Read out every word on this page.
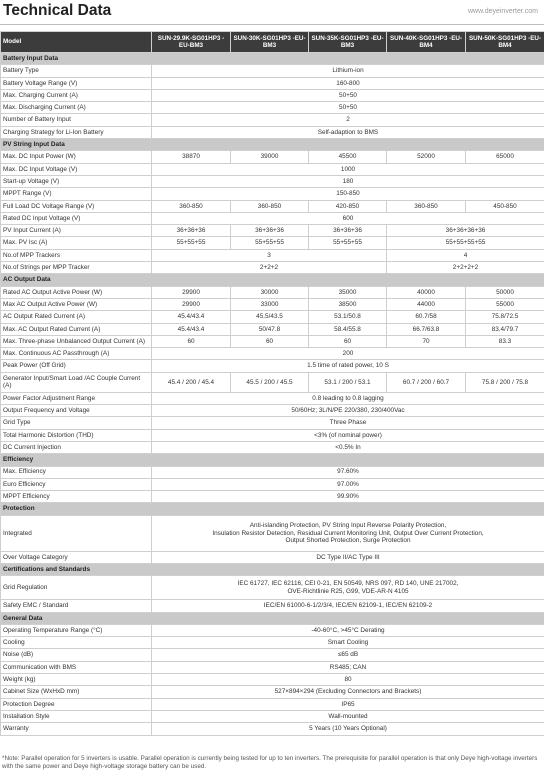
Technical Data	www.deyeinverter.com
Model	SUN-29.9K-SG01HP3 -EU-BM3	SUN-30K-SG01HP3 -EU-BM3	SUN-35K-SG01HP3 -EU-BM3	SUN-40K-SG01HP3 -EU-BM4	SUN-50K-SG01HP3 -EU-BM4
Battery Input Data					
Battery Type	Lithium-ion				
Battery Voltage Range (V)	160-800				
Max. Charging Current (A)	50+50				
Max. Discharging Current (A)	50+50				
Number of Battery Input	2				
Charging Strategy for Li-Ion Battery	Self-adaption to BMS				
PV String Input Data					
Max. DC Input Power (W)	38870	39000	45500	52000	65000
Max. DC Input Voltage (V)	1000				
Start-up Voltage (V)	180				
MPPT Range (V)	150-850				
Full Load DC Voltage Range (V)	360-850	360-850	420-850	360-850	450-850
Rated DC Input Voltage (V)	600				
PV Input Current (A)	36+36+36	36+36+36	36+36+36	36+36+36+36	
Max. PV Isc (A)	55+55+55	55+55+55	55+55+55	55+55+55+55	
No.of MPP Trackers	3			4	
No.of Strings per MPP Tracker	2+2+2			2+2+2+2	
AC Output Data					
Rated AC Output Active Power (W)	29900	30000	35000	40000	50000
Max AC Output Active Power (W)	29900	33000	38500	44000	55000
AC Output Rated Current (A)	45.4/43.4	45.5/43.5	53.1/50.8	60.7/58	75.8/72.5
Max. AC Output Rated Current (A)	45.4/43.4	50/47.8	58.4/55.8	66.7/63.8	83.4/79.7
Max. Three-phase Unbalanced Output Current (A)	60	60	60	70	83.3
Max. Continuous AC Passthrough (A)	200				
Peak Power (Off Grid)	1.5 time of rated power, 10 S				
Generator Input/Smart Load /AC Couple Current (A)	45.4 / 200 / 45.4	45.5 / 200 / 45.5	53.1 / 200 / 53.1	60.7 / 200 / 60.7	75.8 / 200 / 75.8
Power Factor Adjustment Range	0.8 leading to 0.8 lagging				
Output Frequency and Voltage	50/60Hz; 3L/N/PE 220/380, 230/400Vac				
Grid Type	Three Phase				
Total Harmonic Distortion (THD)	<3% (of nominal power)				
DC Current Injection	<0.5% In				
Efficiency					
Max. Efficiency	97.60%				
Euro Efficiency	97.00%				
MPPT Efficiency	99.90%				
Protection					
Integrated	Anti-islanding Protection, PV String Input Reverse Polarity Protection,
Insulation Resistor Detection, Residual Current Monitoring Unit, Output Over Current Protection,
Output Shorted Protection, Surge Protection				
Over Voltage Category	DC Type II/AC Type III				
Certifications and Standards					
Grid Regulation	IEC 61727, IEC 62116, CEI 0-21, EN 50549, NRS 097, RD 140, UNE 217002,
OVE-Richtlinie R25, G99, VDE-AR-N 4105				
Safety EMC / Standard	IEC/EN 61000-6-1/2/3/4, IEC/EN 62109-1, IEC/EN 62109-2				
General Data					
Operating Temperature Range (°C)	-40-60°C, >45°C Derating				
Cooling	Smart Cooling				
Noise (dB)	≤65 dB				
Communication with BMS	RS485; CAN				
Weight (kg)	80				
Cabinet Size (WxHxD mm)	527×894×294 (Excluding Connectors and Brackets)				
Protection Degree	IP65				
Installation Style	Wall-mounted				
Warranty	5 Years (10 Years Optional)				
*Note: Parallel operation for 5 inverters is usable. Parallel operation is currently being tested for up to ten inverters. The prerequisite for parallel operation is that only Deye high-voltage inverters with the same power and Deye high-voltage storage battery can be used.
